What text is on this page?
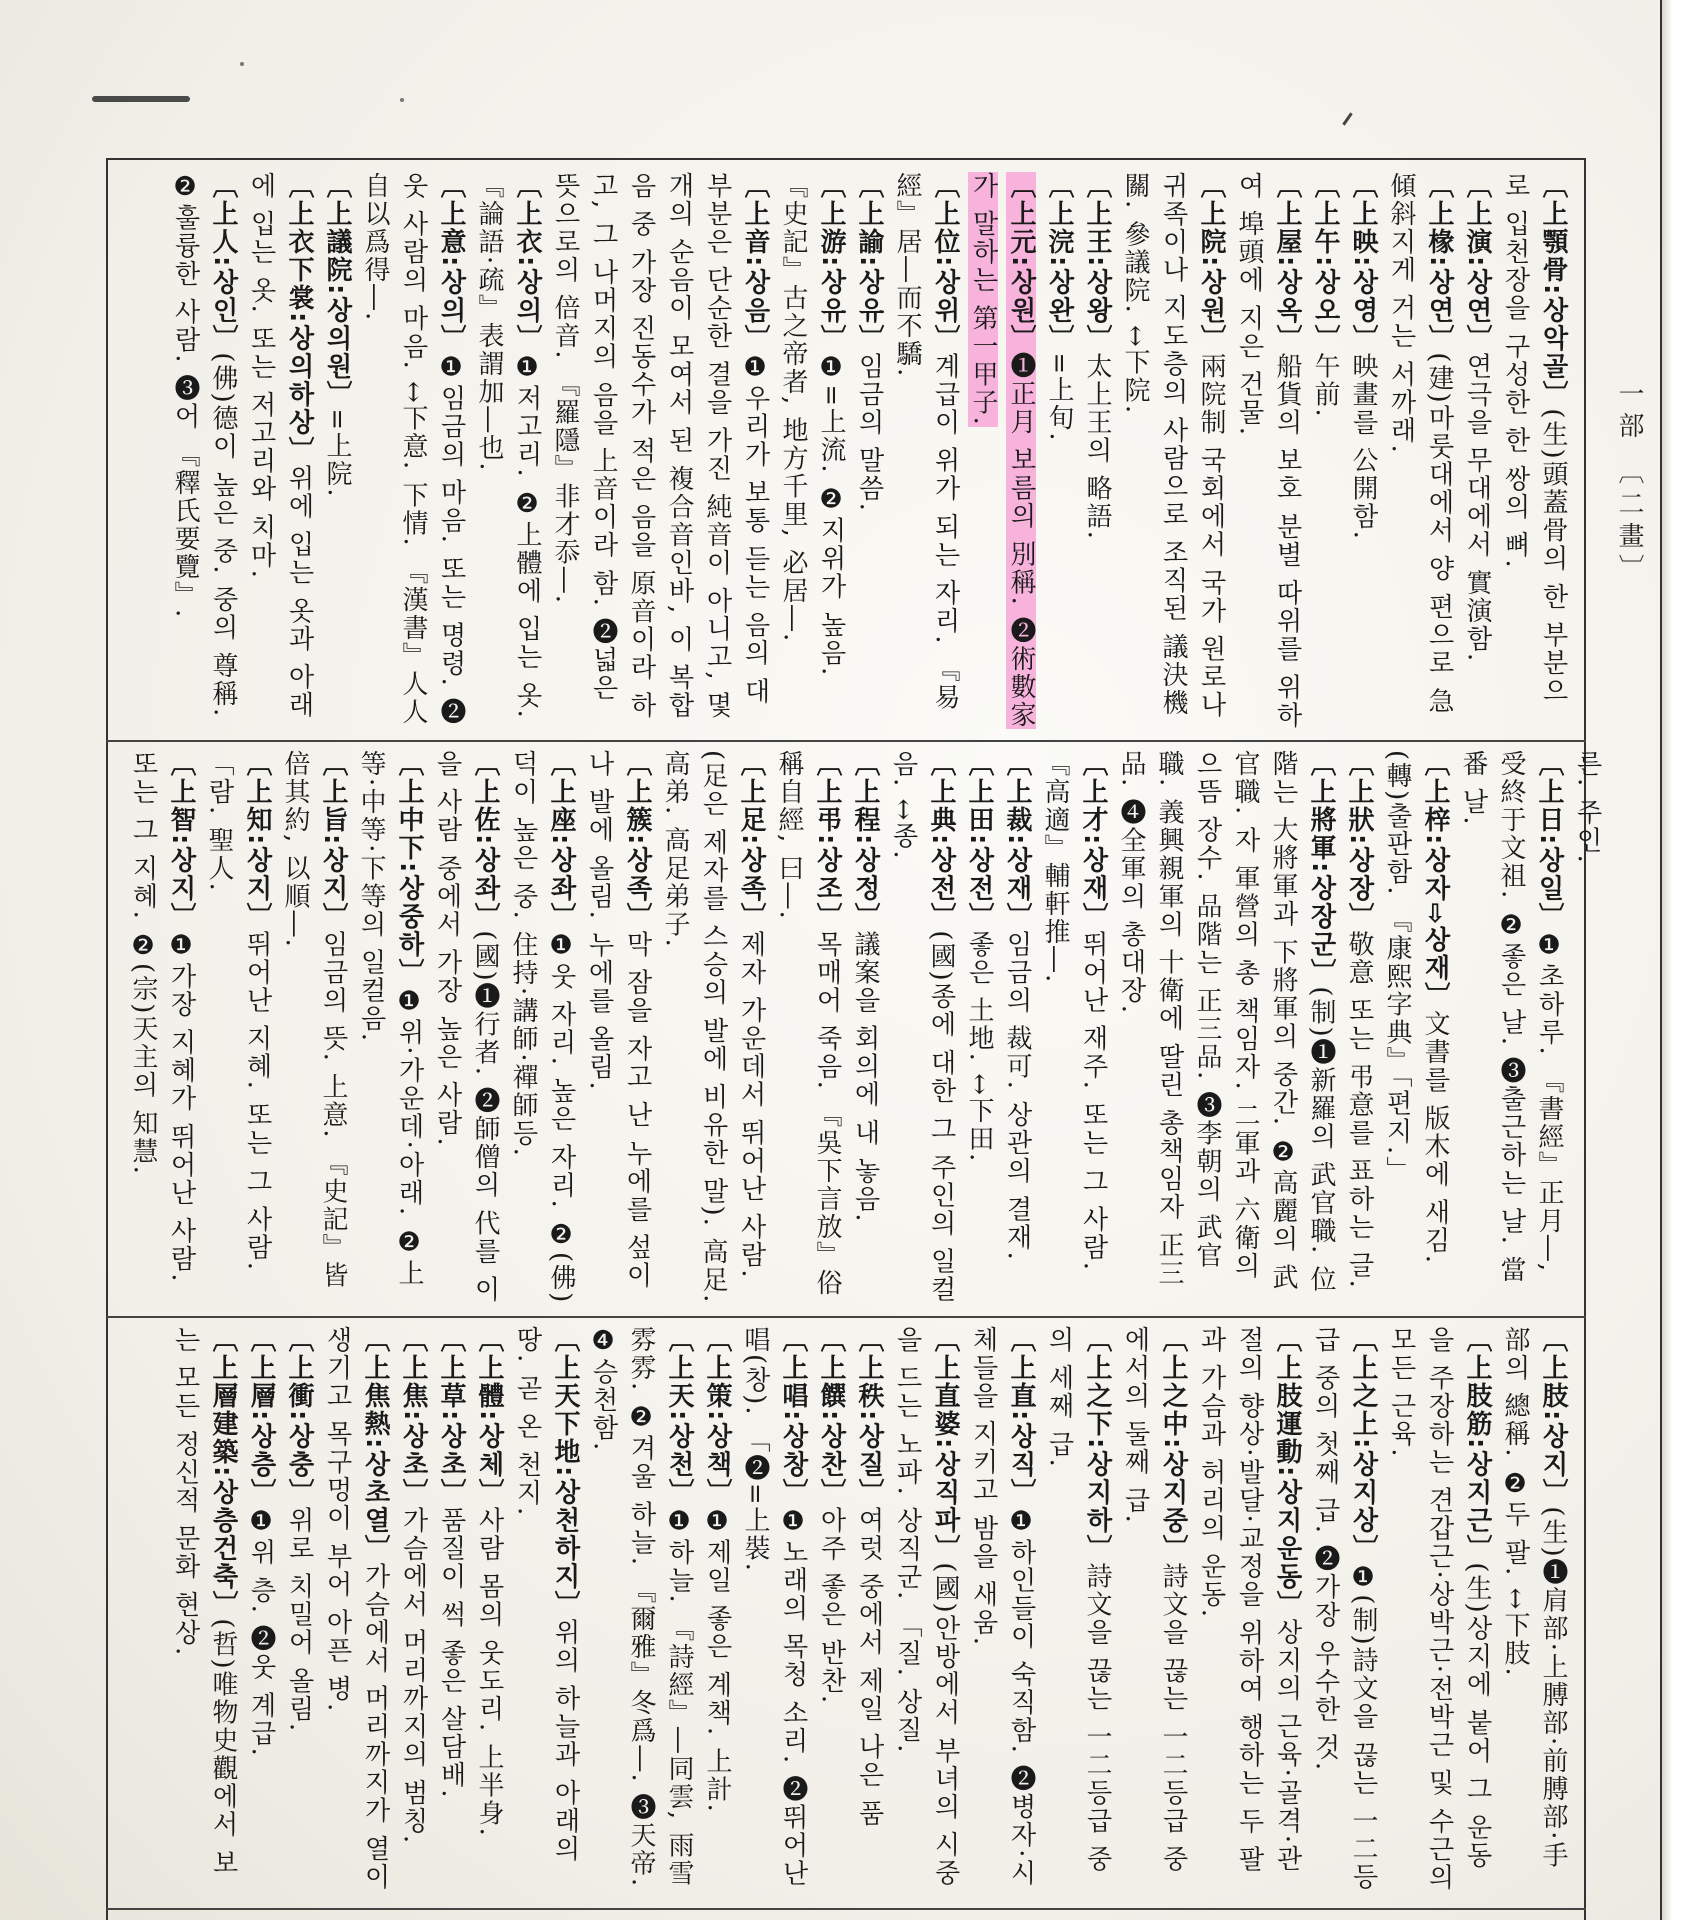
一部 〔二畫〕

〔上顎骨:상악골〕(生)頭蓋骨의 한 부분으로 입천장을 구성한 한 쌍의 뼈.

〔上演:상연〕연극을 무대에서 實演함.

〔上椽:상연〕(建)마룻대에서 양 편으로 急傾斜지게 거는 서까래.

〔上映:상영〕映畫를 公開함.

〔上午:상오〕午前.

〔上屋:상옥〕船貨의 보호 분별 따위를 위하여 埠頭에 지은 건물.

〔上院:상원〕兩院制 국회에서 국가 원로나 귀족이나 지도층의 사람으로 조직된 議決機關. 參議院. ↔下院.

〔上王:상왕〕太上王의 略語.

〔上浣:상완〕=上旬.

〔上元:상원〕❶正月 보름의 別稱. ❷術數家가 말하는 第一甲子.

〔上位:상위〕계급이 위가 되는 자리. 『易經』居―而不驕.

〔上諭:상유〕임금의 말씀.

〔上游:상유〕❶=上流. ❷지위가 높음. 『史記』古之帝者, 地方千里, 必居―.

〔上音:상음〕❶우리가 보통 듣는 음의 대부분은 단순한 결을 가진 純音이 아니고, 몇 개의 순음이 모여서 된 複合音인바, 이 복합음 중 가장 진동수가 적은 음을 原音이라 하고, 그 나머지의 음을 上音이라 함. ❷넓은 뜻으로의 倍音. 『羅隱』非才忝―.

〔上衣:상의〕❶저고리. ❷上體에 입는 옷. 『論語·疏』表謂加―也.

〔上意:상의〕❶임금의 마음. 또는 명령. ❷웃 사람의 마음. ↔下意. 下情. 『漢書』人人自以爲得―.

〔上議院:상의원〕=上院.

〔上衣下裳:상의하상〕위에 입는 옷과 아래에 입는 옷. 또는 저고리와 치마.

〔上人:상인〕(佛)德이 높은 중. 중의 尊稱. ❷훌륭한 사람. ❸어 『釋氏要覽』.

른. 주인.

〔上日:상일〕❶초하루. 『書經』正月―, 受終于文祖. ❷좋은 날. ❸출근하는 날. 當番 날.

〔上梓:상자⇨상재〕文書를 版木에 새김. (轉)출판함. 『康熙字典』「편지.」

〔上狀:상장〕敬意 또는 弔意를 표하는 글.

〔上將軍:상장군〕(制)❶新羅의 武官職. 位階는 大將軍과 下將軍의 중간. ❷高麗의 武官職. 자 軍營의 총 책임자. 二軍과 六衛의 으뜸 장수. 品階는 正三品. ❸李朝의 武官職. 義興親軍의 十衛에 딸린 총책임자 正三品. ❹全軍의 총대장.

〔上才:상재〕뛰어난 재주. 또는 그 사람. 『高適』輔軒推―.

〔上裁:상재〕임금의 裁可. 상관의 결재.

〔上田:상전〕좋은 土地. ↔下田.

〔上典:상전〕(國)종에 대한 그 주인의 일컬음. ↔종.

〔上程:상정〕議案을 회의에 내 놓음.

〔上弔:상조〕목매어 죽음. 『吳下言放』俗稱自經, 曰―.

〔上足:상족〕제자 가운데서 뛰어난 사람. (足은 제자를 스승의 발에 비유한 말). 高足. 高弟. 高足弟子.

〔上簇:상족〕막 잠을 자고 난 누에를 섶이나 발에 올림. 누에를 올림.

〔上座:상좌〕❶웃 자리. 높은 자리. ❷(佛)덕이 높은 중. 住持·講師·禪師등.

〔上佐:상좌〕(國)❶行者. ❷師僧의 代를 이을 사람 중에서 가장 높은 사람.

〔上中下:상중하〕❶위·가운데·아래. ❷上等·中等·下等의 일컬음.

〔上旨:상지〕임금의 뜻. 上意. 『史記』皆倍其約, 以順―.

〔上知:상지〕뛰어난 지혜. 또는 그 사람. 「람. 聖人.

〔上智:상지〕❶가장 지혜가 뛰어난 사람. 또는 그 지혜. ❷(宗)天主의 知慧.

〔上肢:상지〕(生)❶肩部·上膊部·前膊部·手部의 總稱. ❷두 팔. ↔下肢.

〔上肢筋:상지근〕(生)상지에 붙어 그 운동을 주장하는 견갑근·상박근·전박근 및 수근의 모든 근육.

〔上之上:상지상〕❶(制)詩文을 끊는 一二등급 중의 첫째 급. ❷가장 우수한 것.

〔上肢運動:상지운동〕상지의 근육·골격·관절의 향상·발달·교정을 위하여 행하는 두 팔과 가슴과 허리의 운동.

〔上之中:상지중〕詩文을 끊는 一二등급 중에서의 둘째 급.

〔上之下:상지하〕詩文을 끊는 一二등급 중의 세째 급.

〔上直:상직〕❶하인들이 숙직함. ❷병자·시체들을 지키고 밤을 새움.

〔上直婆:상직파〕(國)안방에서 부녀의 시중을 드는 노파. 상직군. 「질. 상질.

〔上秩:상질〕여럿 중에서 제일 나은 품

〔上饌:상찬〕아주 좋은 반찬.

〔上唱:상창〕❶노래의 목청 소리. ❷뛰어난 唱(창). 「❷=上裝.

〔上策:상책〕❶제일 좋은 계책. 上計.

〔上天:상천〕❶하늘. 『詩經』―同雲, 雨雪雰雰. ❷겨울 하늘. 『爾雅』冬爲―. ❸天帝. ❹승천함.

〔上天下地:상천하지〕위의 하늘과 아래의 땅. 곧 온 천지.

〔上體:상체〕사람 몸의 웃도리. 上半身.

〔上草:상초〕품질이 썩 좋은 살담배.

〔上焦:상초〕가슴에서 머리까지의 범칭.

〔上焦熱:상초열〕가슴에서 머리까지가 열이 생기고 목구멍이 부어 아픈 병.

〔上衝:상충〕위로 치밀어 올림.

〔上層:상층〕❶위 층. ❷웃 계급.

〔上層建築:상층건축〕(哲)唯物史觀에서 보는 모든 정신적 문화 현상.
